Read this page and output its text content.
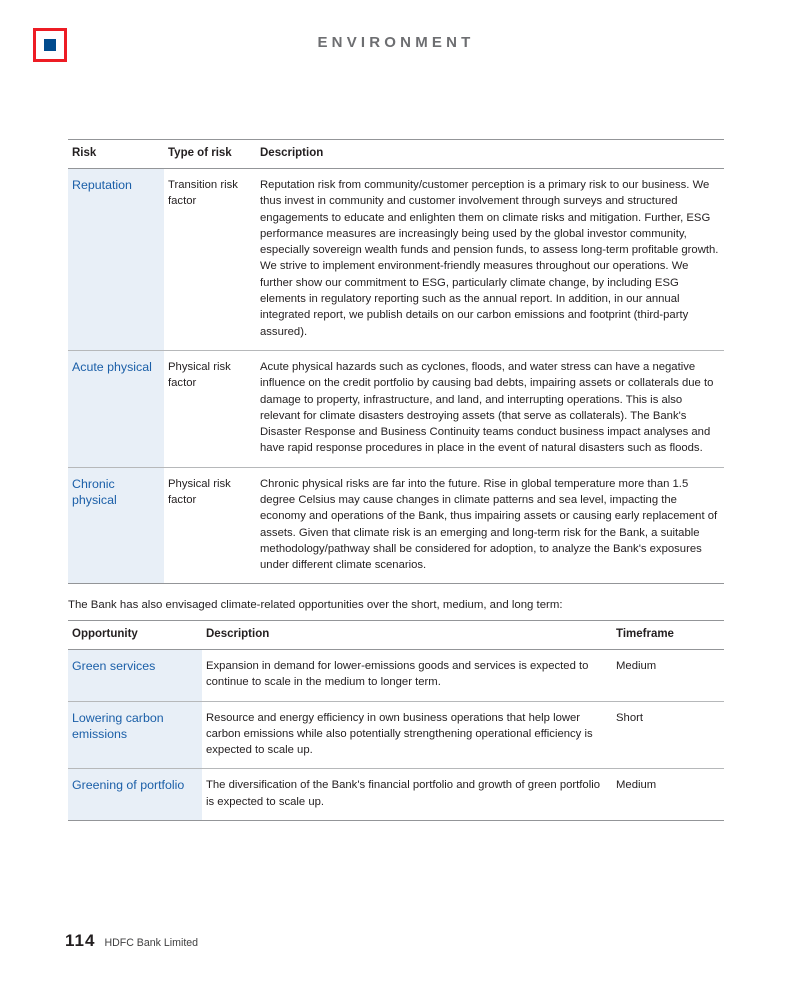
ENVIRONMENT
Risk	Type of risk	Description
Reputation	Transition risk factor	Reputation risk from community/customer perception is a primary risk to our business. We thus invest in community and customer involvement through surveys and structured engagements to educate and enlighten them on climate risks and mitigation. Further, ESG performance measures are increasingly being used by the global investor community, especially sovereign wealth funds and pension funds, to assess long-term profitable growth. We strive to implement environment-friendly measures throughout our operations. We further show our commitment to ESG, particularly climate change, by including ESG elements in regulatory reporting such as the annual report. In addition, in our annual integrated report, we publish details on our carbon emissions and footprint (third-party assured).
Acute physical	Physical risk factor	Acute physical hazards such as cyclones, floods, and water stress can have a negative influence on the credit portfolio by causing bad debts, impairing assets or collaterals due to damage to property, infrastructure, and land, and interrupting operations. This is also relevant for climate disasters destroying assets (that serve as collaterals). The Bank's Disaster Response and Business Continuity teams conduct business impact analyses and have rapid response procedures in place in the event of natural disasters such as floods.
Chronic physical	Physical risk factor	Chronic physical risks are far into the future. Rise in global temperature more than 1.5 degree Celsius may cause changes in climate patterns and sea level, impacting the economy and operations of the Bank, thus impairing assets or causing early replacement of assets. Given that climate risk is an emerging and long-term risk for the Bank, a suitable methodology/pathway shall be considered for adoption, to analyze the Bank's exposures under different climate scenarios.
The Bank has also envisaged climate-related opportunities over the short, medium, and long term:
Opportunity	Description	Timeframe
Green services	Expansion in demand for lower-emissions goods and services is expected to continue to scale in the medium to longer term.	Medium
Lowering carbon emissions	Resource and energy efficiency in own business operations that help lower carbon emissions while also potentially strengthening operational efficiency is expected to scale up.	Short
Greening of portfolio	The diversification of the Bank's financial portfolio and growth of green portfolio is expected to scale up.	Medium
114 HDFC Bank Limited
